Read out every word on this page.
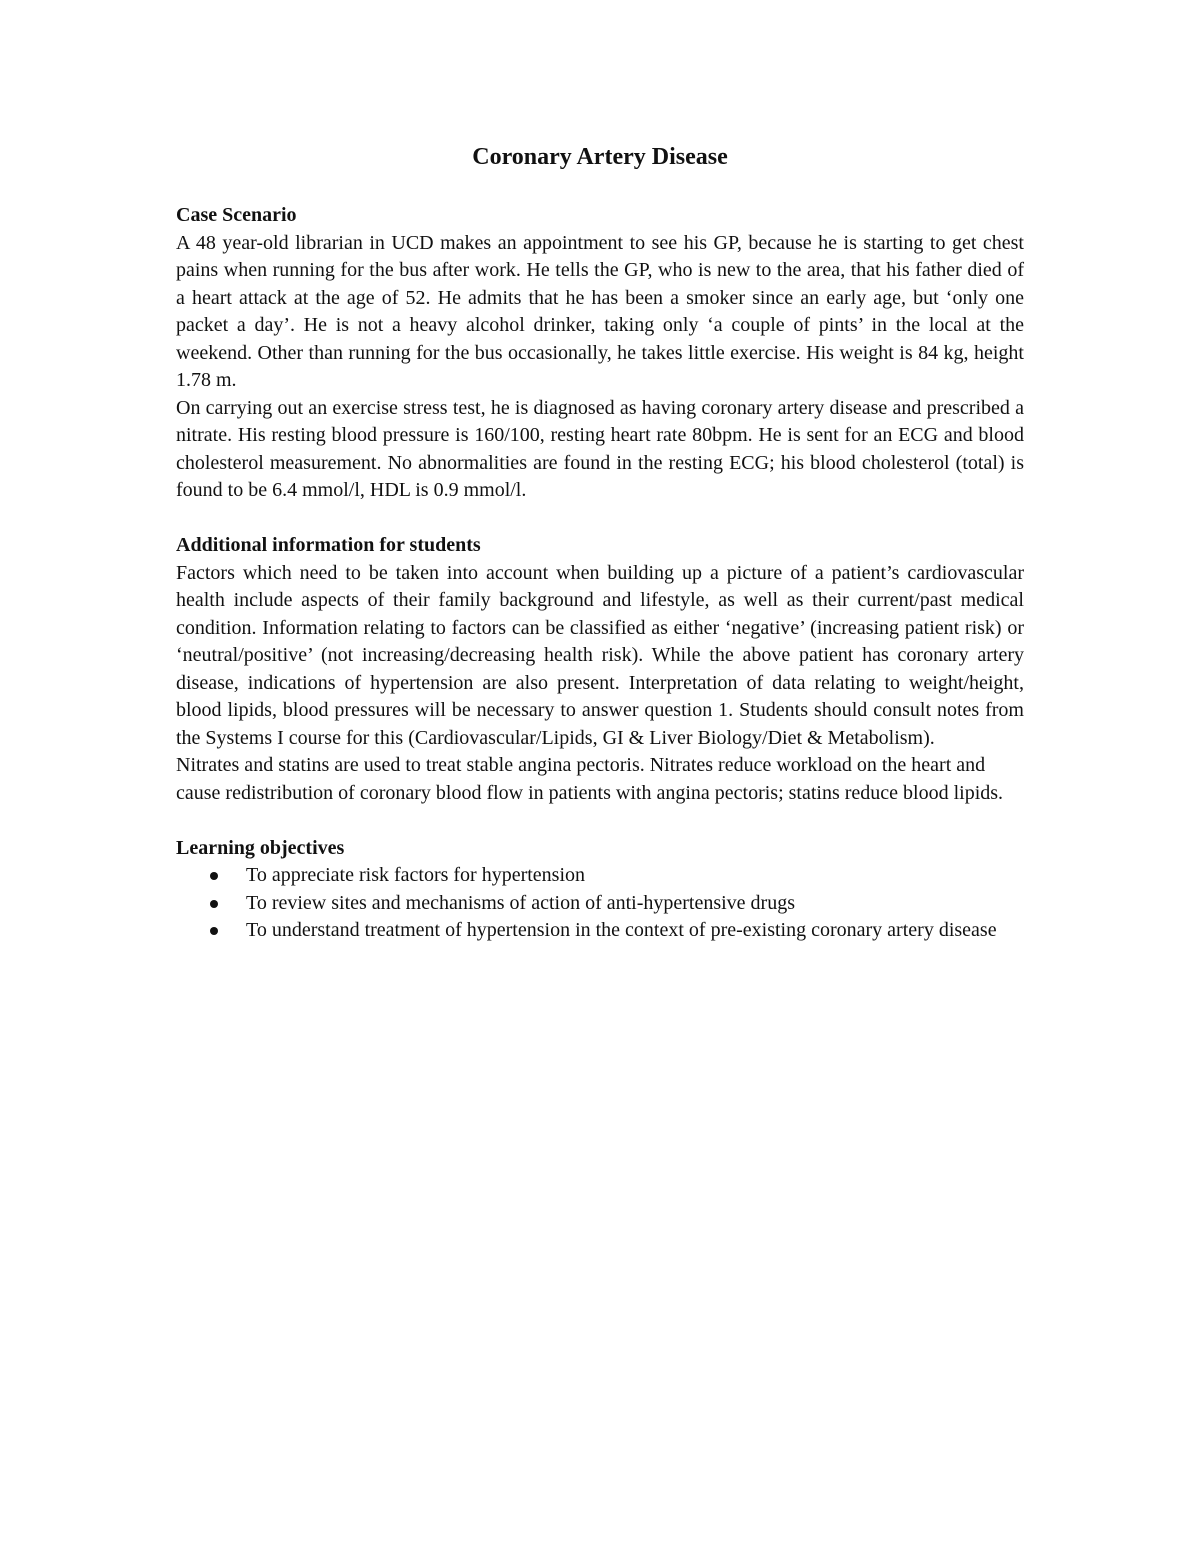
Coronary Artery Disease

Case Scenario

A 48 year-old librarian in UCD makes an appointment to see his GP, because he is starting to get chest pains when running for the bus after work. He tells the GP, who is new to the area, that his father died of a heart attack at the age of 52. He admits that he has been a smoker since an early age, but ‘only one packet a day’. He is not a heavy alcohol drinker, taking only ‘a couple of pints’ in the local at the weekend. Other than running for the bus occasionally, he takes little exercise. His weight is 84 kg, height 1.78 m.

On carrying out an exercise stress test, he is diagnosed as having coronary artery disease and prescribed a nitrate. His resting blood pressure is 160/100, resting heart rate 80bpm. He is sent for an ECG and blood cholesterol measurement. No abnormalities are found in the resting ECG; his blood cholesterol (total) is found to be 6.4 mmol/l, HDL is 0.9 mmol/l.

Additional information for students

Factors which need to be taken into account when building up a picture of a patient’s cardiovascular health include aspects of their family background and lifestyle, as well as their current/past medical condition. Information relating to factors can be classified as either ‘negative’ (increasing patient risk) or ‘neutral/positive’ (not increasing/decreasing health risk). While the above patient has coronary artery disease, indications of hypertension are also present. Interpretation of data relating to weight/height, blood lipids, blood pressures will be necessary to answer question 1. Students should consult notes from the Systems I course for this (Cardiovascular/Lipids, GI & Liver Biology/Diet & Metabolism).

Nitrates and statins are used to treat stable angina pectoris. Nitrates reduce workload on the heart and cause redistribution of coronary blood flow in patients with angina pectoris; statins reduce blood lipids.

Learning objectives

To appreciate risk factors for hypertension
To review sites and mechanisms of action of anti-hypertensive drugs
To understand treatment of hypertension in the context of pre-existing coronary artery disease
